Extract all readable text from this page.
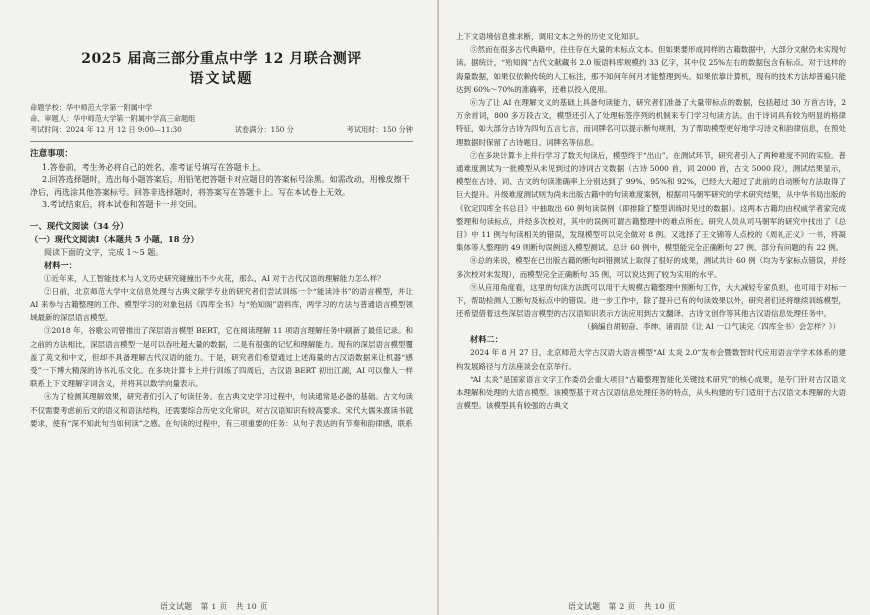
2025 届高三部分重点中学 12 月联合测评
语文试题
命题学校：华中师范大学第一附属中学
命、审题人：华中师范大学第一附属中学高三命题组
考试时间：2024 年 12 月 12 日 9:00—11:30	试卷满分：150 分	考试用时：150 分钟
注意事项：
1.答卷前，考生务必将自己的姓名、准考证号填写在答题卡上。
2.回答选择题时，选出每小题答案后，用铅笔把答题卡对应题目的答案标号涂黑。如需改动，用橡皮擦干净后，再选涂其他答案标号。回答非选择题时，将答案写在答题卡上。写在本试卷上无效。
3.考试结束后，将本试卷和答题卡一并交回。
一、现代文阅读（34 分）
（一）现代文阅读Ⅰ（本题共 5 小题，18 分）
阅读下面的文字，完成 1～5 题。
材料一：
①近年来，人工智能技术与人文历史研究碰撞出不少火花，那么，AI 对于古代汉语的理解能力怎么样？
②日前，北京师范大学中文信息处理与古典文献学专业的研究者们尝试训练一个“能读诗书”的语言模型，并让 AI 来参与古籍整理的工作。模型学习的对象包括《四库全书》与“殆知阁”语料库，两学习的方法与普通语言模型领域最新的深层语言模型。
③2018 年，谷歌公司曾推出了深层语言模型 BERT，它在阅读理解 11 项语言理解任务中刷新了最佳记录。和之前的方法相比，深层语言模型一是可以吞吐超大量的数据，二是有很强的记忆和理解能力。现有的深层语言模型覆盖了英文和中文，但却不具备理解古代汉语的能力。于是，研究者们希望通过上述海量的古汉语数据来让机器“感受”一下博大精深的诗书礼乐文化。在多块计算卡上并行训练了四周后，古汉语 BERT 初出江湖，AI 可以像人一样联系上下文理解字词含义，并将其以数学向量表示。
④为了检测其理解效果，研究者们引入了句读任务。在古典文史学习过程中，句读通常是必备的基础。古文句读不仅需要考虑前后文的语义和语法结构，还需要综合历史文化常识，对古汉语知识有较高要求。宋代大儒朱熹读书就要求，使有“深不知此句当如何读”之感。在句读的过程中，有三项重要的任务：从句子表达的有节奏和韵律感，联系
语文试题　第 1 页　共 10 页
上下文语境信息推求断，调用文本之外的历史文化知识。
⑤然而在很多古代典籍中，往往存在大量的未标点文本。但如果要形成同样的古籍数据中，大部分文献仍未实现句读。据统计，“殆知阁”古代文献藏书 2.0 版语料库规模约 33 亿字，其中仅 25%左右的数据包含有标点。对于这样的海量数据，如果仅依赖传统的人工标注，那不知何年何月才能整理到头。如果依靠计算机，现有的技术方法却普遍只能达到 60%～70%的准确率，还难以投入使用。
⑥为了让 AI 在理解文义的基础上具备句读能力，研究者们准备了大量带标点的数据，包括超过 30 万首古诗，2 万余首词，800 多万段古文，模型还引入了处理标签序列的机制来专门学习句读方法。由于诗词具有较为明显的格律特征，如大部分古诗为四句五言七言，而词牌名可以提示断句规则，为了帮助模型更好地学习诗文和韵律信息，在预处理数据时保留了古诗题目、词牌名等信息。
⑦在多块计算卡上并行学习了数天句读后，模型终于“出山”。在测试环节，研究者引入了两种难度不同的实验。普通难度测试为一批模型从未见到过的诗词古文数据（古诗 5000 首，词 2000 首，古文 5000 段），测试结果显示，模型在古诗、词、古文的句读准确率上分别达到了 99%、95%和 92%，已经大大超过了此前的自动断句方法取得了巨大提升。升级难度测试则为尚未出版古籍中的句读难度案例，根据司马朝军研究的学术研究结果，从中华书局出版的《钦定四库全书总目》中抽取出 60 例句读误例（即排除了整型训练时见过的数据）。这两本古籍均由权威学者家完成整理和句读标点，并经多次校对，其中的误例可谓古籍整理中的难点所在。研究人员从司马朝军的研究中找出了《总目》中 11 例与句读相关的错误，发现模型可以完全做对 8 例。又选择了王文锦等人点校的《周礼正义》一书，将凝集体等人整理的 49 则断句误例送入模型测试。总计 60 例中，模型能完全正确断句 27 例、部分有问题的有 22 例。
⑧总的来说，模型在已出版古籍的断句纠错测试上取得了很好的成果，测试共计 60 例（均为专家标点错误，并经多次校对未发现），而模型完全正确断句 35 例，可以说达到了较为实用的水平。
⑨从应用角度看，这里的句读方法既可以用于大规模古籍整理中预断句工作，大大减轻专家负担，也可用于对标一下，帮助检测人工断句及标点中的错误。进一步工作中，除了提升已有的句读效果以外，研究者们还将继续训练模型，还希望借着这些深层语言模型的古汉语知识表示方法应用到古文翻译、古诗文创作等其他古汉语信息处理任务中。
（摘编自胡韧奋、李绅、诸雨辰《让 AI 一口气读完〈四库全书〉会怎样？》）
材料二：
2024 年 8 月 27 日，北京师范大学古汉语大语言模型“AI 太炎 2.0”发布会暨数智时代应用语言学学术体系的建构发展路径与方法座谈会在京举行。
“AI 太炎”是国家语言文字工作委员会重大项目“古籍整理智能化关键技术研究”的核心成果，是专门针对古汉语文本理解和处理的大语言模型。该模型基于对古汉语信息处理任务的特点，从头构建的专门适用于古汉语文本理解的大语言模型。该模型具有较强的古典文
语文试题　第 2 页　共 10 页
